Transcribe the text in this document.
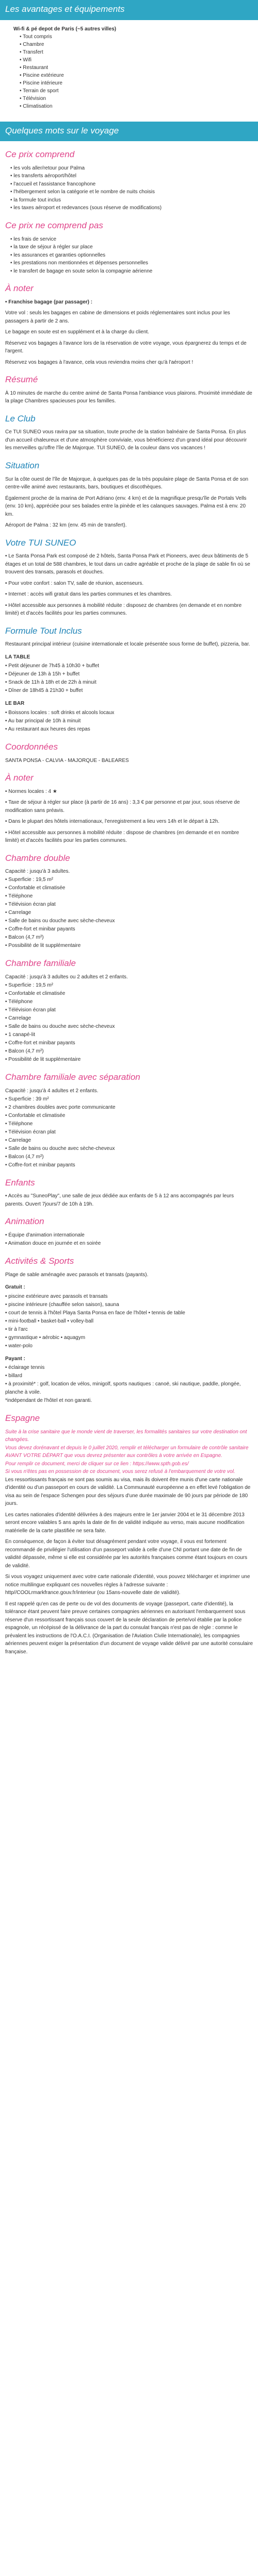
Les avantages et équipements
Wi-fi & pé depot de Paris (~5 autres villes)
• Tout compris
• Chambre
• Transfert
• Wifi
• Restaurant
• Piscine extérieure
• Piscine intérieure
• Terrain de sport
• Télévision
• Climatisation
Quelques mots sur le voyage
Ce prix comprend
• les vols aller/retour pour Palma
• les transferts aéroport/hôtel
• l'accueil et l'assistance francophone
• l'hébergement selon la catégorie et le nombre de nuits choisis
• la formule tout inclus
• les taxes aéroport et redevances (sous réserve de modifications)
Ce prix ne comprend pas
• les frais de service
• la taxe de séjour à régler sur place
• les assurances et garanties optionnelles
• les prestations non mentionnées et dépenses personnelles
• le transfert de bagage en soute selon la compagnie aérienne
À noter

• Franchise bagage (par passager) :

Votre vol : seuls les bagages en cabine de dimensions et poids réglementaires sont inclus pour les passagers à partir de 2 ans.

Le bagage en soute est en supplément et à la charge du client.

Réservez vos bagages à l'avance lors de la réservation de votre voyage, vous épargnerez du temps et de l'argent.

Réservez vos bagages à l'avance, cela vous reviendra moins cher qu'à l'aéroport !

Résumé

À 10 minutes de marche du centre animé de Santa Ponsa l'ambiance vous plairons. Proximité immédiate de la plage Chambres spacieuses pour les familles.

Le Club

Ce TUI SUNEO vous ravira par sa situation, toute proche de la station balnéaire de Santa Ponsa. En plus d'un accueil chaleureux et d'une atmosphère conviviale, vous bénéficierez d'un grand idéal pour découvrir les merveilles qu'offre l'île de Majorque. TUI SUNEO, de la couleur dans vos vacances !

Situation

Sur la côte ouest de l'île de Majorque, à quelques pas de la très populaire plage de Santa Ponsa et de son centre-ville animé avec restaurants, bars, boutiques et discothèques.

Également proche de la marina de Port Adriano (env. 4 km) et de la magnifique presqu'île de Portals Vells (env. 10 km), appréciée pour ses balades entre la pinède et les calanques sauvages. Palma est à env. 20 km.

Aéroport de Palma : 32 km (env. 45 min de transfert).

Votre TUI SUNEO

• Le Santa Ponsa Park est composé de 2 hôtels, Santa Ponsa Park et Pioneers, avec deux bâtiments de 5 étages et un total de 588 chambres, le tout dans un cadre agréable et proche de la plage de sable fin où se trouvent des transats, parasols et douches.

• Pour votre confort : salon TV, salle de réunion, ascenseurs.

• Internet : accès wifi gratuit dans les parties communes et les chambres.

• Hôtel accessible aux personnes à mobilité réduite : disposez de chambres (en demande et en nombre limité) et d'accès facilités pour les parties communes.

Formule Tout Inclus

Restaurant principal intérieur (cuisine internationale et locale présentée sous forme de buffet), pizzeria, bar.

LA TABLE
• Petit déjeuner de 7h45 à 10h30 + buffet
• Déjeuner de 13h à 15h + buffet
• Snack de 11h à 18h et de 22h à minuit
• Dîner de 18h45 à 21h30 + buffet
LE BAR
• Boissons locales : soft drinks et alcools locaux
• Au bar principal de 10h à minuit
• Au restaurant aux heures des repas
Coordonnées

SANTA PONSA - CALVIA - MAJORQUE - BALEARES

À noter

• Normes locales : 4 ★

• Taxe de séjour à régler sur place (à partir de 16 ans) : 3,3 € par personne et par jour, sous réserve de modification sans préavis.

• Dans le plupart des hôtels internationaux, l'enregistrement a lieu vers 14h et le départ à 12h.

• Hôtel accessible aux personnes à mobilité réduite : dispose de chambres (en demande et en nombre limité) et d'accès facilités pour les parties communes.

Chambre double
Capacité : jusqu'à 3 adultes.
• Superficie : 19,5 m²
• Confortable et climatisée
• Téléphone
• Télévision écran plat
• Carrelage
• Salle de bains ou douche avec sèche-cheveux
• Coffre-fort et minibar payants
• Balcon (4,7 m²)
• Possibilité de lit supplémentaire
Chambre familiale
Capacité : jusqu'à 3 adultes ou 2 adultes et 2 enfants.
• Superficie : 19,5 m²
• Confortable et climatisée
• Téléphone
• Télévision écran plat
• Carrelage
• Salle de bains ou douche avec sèche-cheveux
• 1 canapé-lit
• Coffre-fort et minibar payants
• Balcon (4,7 m²)
• Possibilité de lit supplémentaire
Chambre familiale avec séparation
Capacité : jusqu'à 4 adultes et 2 enfants.
• Superficie : 39 m²
• 2 chambres doubles avec porte communicante
• Confortable et climatisée
• Téléphone
• Télévision écran plat
• Carrelage
• Salle de bains ou douche avec sèche-cheveux
• Balcon (4,7 m²)
• Coffre-fort et minibar payants
Enfants

• Accès au "SuneoPlay", une salle de jeux dédiée aux enfants de 5 à 12 ans accompagnés par leurs parents. Ouvert 7jours/7 de 10h à 19h.

Animation
• Équipe d'animation internationale
• Animation douce en journée et en soirée
Activités & Sports

Plage de sable aménagée avec parasols et transats (payants).

Gratuit :
• piscine extérieure avec parasols et transats
• piscine intérieure (chauffée selon saison), sauna
• court de tennis à l'hôtel Playa Santa Ponsa en face de l'hôtel • tennis de table
• mini-football • basket-ball • volley-ball
• tir à l'arc
• gymnastique • aérobic • aquagym
• water-polo
Payant :
• éclairage tennis
• billard
• à proximité* : golf, location de vélos, minigolf, sports nautiques : canoë, ski nautique, paddle, plongée, planche à voile.
*indépendant de l'hôtel et non garanti.
Espagne

Suite à la crise sanitaire que le monde vient de traverser, les formalités sanitaires sur votre destination ont changées.

Vous devez dorénavant et depuis le 0 juillet 2020, remplir et télécharger un formulaire de contrôle sanitaire AVANT VOTRE DÉPART que vous devrez présenter aux contrôles à votre arrivée en Espagne.

Pour remplir ce document, merci de cliquer sur ce lien : https://www.spth.gob.es/

Si vous n'êtes pas en possession de ce document, vous serez refusé à l'embarquement de votre vol.

Les ressortissants français ne sont pas soumis au visa, mais ils doivent être munis d'une carte nationale d'identité ou d'un passeport en cours de validité. La Communauté européenne a en effet levé l'obligation de visa au sein de l'espace Schengen pour des séjours d'une durée maximale de 90 jours par période de 180 jours.

Les cartes nationales d'identité délivrées à des majeurs entre le 1er janvier 2004 et le 31 décembre 2013 seront encore valables 5 ans après la date de fin de validité indiquée au verso, mais aucune modification matérielle de la carte plastifiée ne sera faite.

En conséquence, de façon à éviter tout désagrément pendant votre voyage, il vous est fortement recommandé de privilégier l'utilisation d'un passeport valide à celle d'une CNI portant une date de fin de validité dépassée, même si elle est considérée par les autorités françaises comme étant toujours en cours de validité.

Si vous voyagez uniquement avec votre carte nationale d'identité, vous pouvez télécharger et imprimer une notice multilingue expliquant ces nouvelles règles à l'adresse suivante : http//COOLrmarkfrance.gouv.fr/interieur (ou 15ans-nouvelle date de validité).

Il est rappelé qu'en cas de perte ou de vol des documents de voyage (passeport, carte d'identité), la tolérance étant peuvent faire preuve certaines compagnies aériennes en autorisant l'embarquement sous réserve d'un ressortissant français sous couvert de la seule déclaration de perte/vol établie par la police espagnole, un récépissé de la délivrance de la part du consulat français n'est pas de règle : comme le prévalent les instructions de l'O.A.C.I. (Organisation de l'Aviation Civile Internationale), les compagnies aériennes peuvent exiger la présentation d'un document de voyage valide délivré par une autorité consulaire française.
